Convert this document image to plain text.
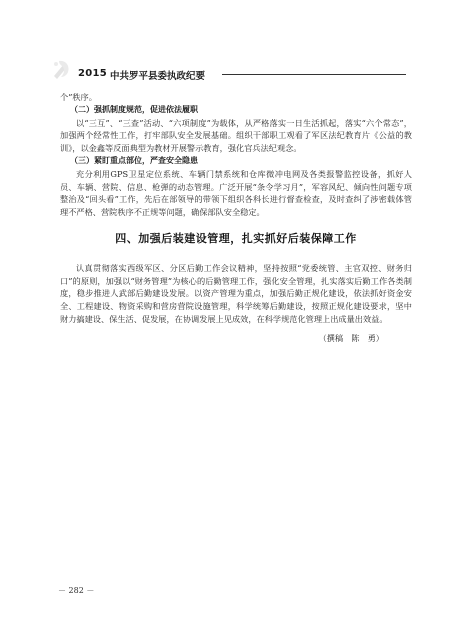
2015 中共罗平县委执政纪要

个”秩序。

（二）强抓制度规范，促进依法履职

以“三互”、“三查”活动、“六项制度”为载体，从严格落实一日生活抓起，落实“六个常态”，加强两个经常性工作，打牢部队安全发展基础。组织干部职工观看了军区法纪教育片《公益的教训》，以金鑫等反面典型为教材开展警示教育，强化官兵法纪观念。

（三）紧盯重点部位，严查安全隐患

充分利用GPS卫星定位系统、车辆门禁系统和仓库微冲电网及各类报警监控设备，抓好人员、车辆、营院、信息、枪弹的动态管理。广泛开展“条令学习月”，军容风纪、倾向性问题专项整治及“回头看”工作，先后在部领导的带领下组织各科长进行督查检查，及时查纠了涉密载体管理不严格、营院秩序不正规等问题，确保部队安全稳定。

四、加强后装建设管理，扎实抓好后装保障工作

认真贯彻落实西级军区、分区后勤工作会议精神，坚持按照“党委统管、主官双控、财务归口”的原则，加强以“财务管理”为核心的后勤管理工作，强化安全管理，扎实落实后勤工作各类制度，稳步推进人武部后勤建设发展。以资产管理为重点，加强后勤正规化建设，依法抓好资金安全、工程建设、物资采购和营房营院设施管理，科学统筹后勤建设，按照正规化建设要求，坚中财力搞建设、保生活、促发展，在协调发展上见成效，在科学规范化管理上出成量出效益。

（撰稿　陈　勇）
－ 282 －
